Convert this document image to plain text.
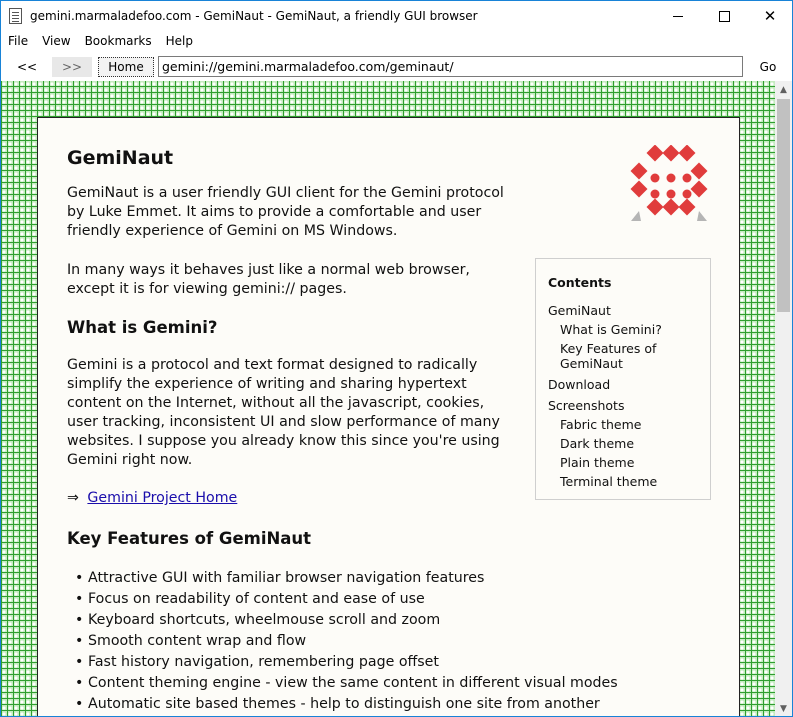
gemini.marmaladefoo.com - GemiNaut - GemiNaut, a friendly GUI browser	✕
File	View	Bookmarks	Help
<<	>>	Home	gemini://gemini.marmaladefoo.com/geminaut/	Go
GemiNaut
GemiNaut is a user friendly GUI client for the Gemini protocol by Luke Emmet. It aims to provide a comfortable and user friendly experience of Gemini on MS Windows.
In many ways it behaves just like a normal web browser, except it is for viewing gemini:// pages.
What is Gemini?
Gemini is a protocol and text format designed to radically simplify the experience of writing and sharing hypertext content on the Internet, without all the javascript, cookies, user tracking, inconsistent UI and slow performance of many websites. I suppose you already know this since you're using Gemini right now.
⇒ Gemini Project Home
Key Features of GemiNaut
• Attractive GUI with familiar browser navigation features
• Focus on readability of content and ease of use
• Keyboard shortcuts, wheelmouse scroll and zoom
• Smooth content wrap and flow
• Fast history navigation, remembering page offset
• Content theming engine - view the same content in different visual modes
• Automatic site based themes - help to distinguish one site from another
Contents
GemiNaut
What is Gemini?
Key Features of
GemiNaut
Download
Screenshots
Fabric theme
Dark theme
Plain theme
Terminal theme
▲
▼
